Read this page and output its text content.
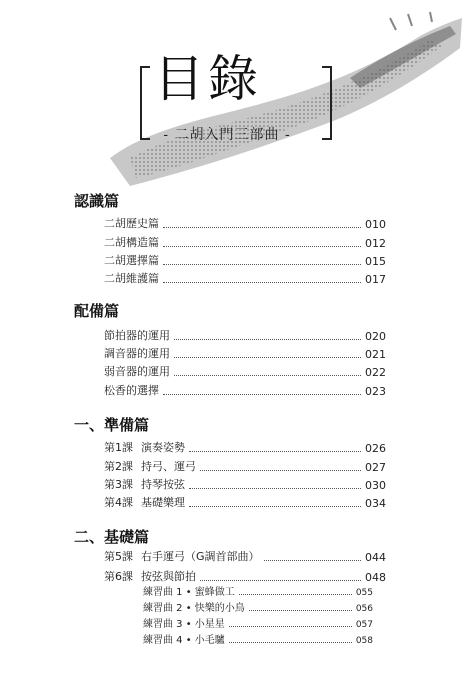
目錄
- 二胡入門三部曲 -
認識篇
二胡歷史篇	010
二胡構造篇	012
二胡選擇篇	015
二胡維護篇	017
配備篇
節拍器的運用	020
調音器的運用	021
弱音器的運用	022
松香的選擇	023
一、準備篇
第1課 演奏姿勢	026
第2課 持弓、運弓	027
第3課 持琴按弦	030
第4課 基礎樂理	034
二、基礎篇
第5課 右手運弓（G調首部曲）	044
第6課 按弦與節拍	048
練習曲 1 • 蜜蜂做工	055
練習曲 2 • 快樂的小鳥	056
練習曲 3 • 小星星	057
練習曲 4 • 小毛驢	058
